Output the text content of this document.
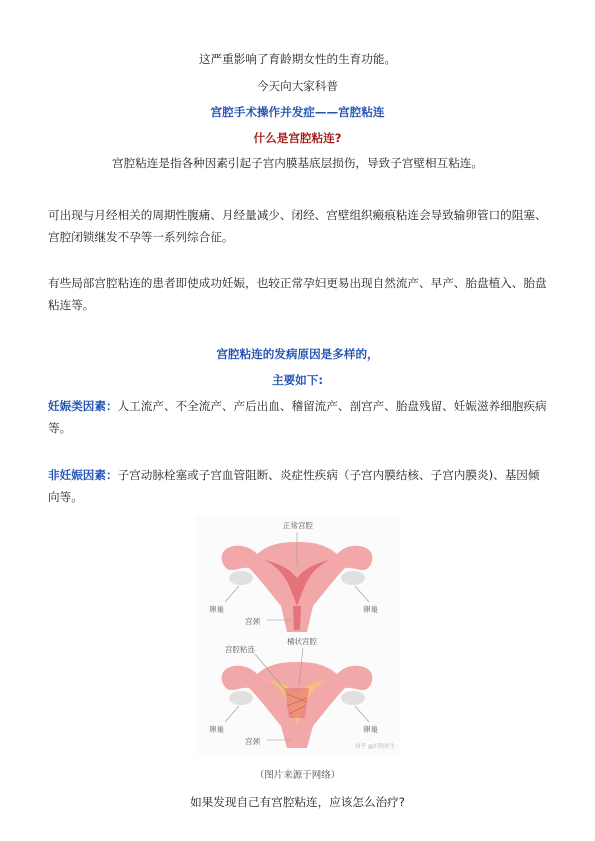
这严重影响了育龄期女性的生育功能。
今天向大家科普
宫腔手术操作并发症——宫腔粘连
什么是宫腔粘连?
宫腔粘连是指各种因素引起子宫内膜基底层损伤，导致子宫壁相互粘连。
可出现与月经相关的周期性腹痛、月经量减少、闭经、宫壁组织瘢痕粘连会导致输卵管口的阻塞、宫腔闭锁继发不孕等一系列综合征。
有些局部宫腔粘连的患者即使成功妊娠，也较正常孕妇更易出现自然流产、早产、胎盘植入、胎盘粘连等。
宫腔粘连的发病原因是多样的，
主要如下:
妊娠类因素：人工流产、不全流产、产后出血、稽留流产、剖宫产、胎盘残留、妊娠滋养细胞疾病等。
非妊娠因素：子宫动脉栓塞或子宫血管阻断、炎症性疾病（子宫内膜结核、子宫内膜炎)、基因倾向等。
正常宫腔
卵巢	卵巢
宫颈
宫腔粘连
桶状宫腔
卵巢	卵巢
宫颈
知乎 @妇科医生
（图片来源于网络）
如果发现自己有宫腔粘连，应该怎么治疗?
